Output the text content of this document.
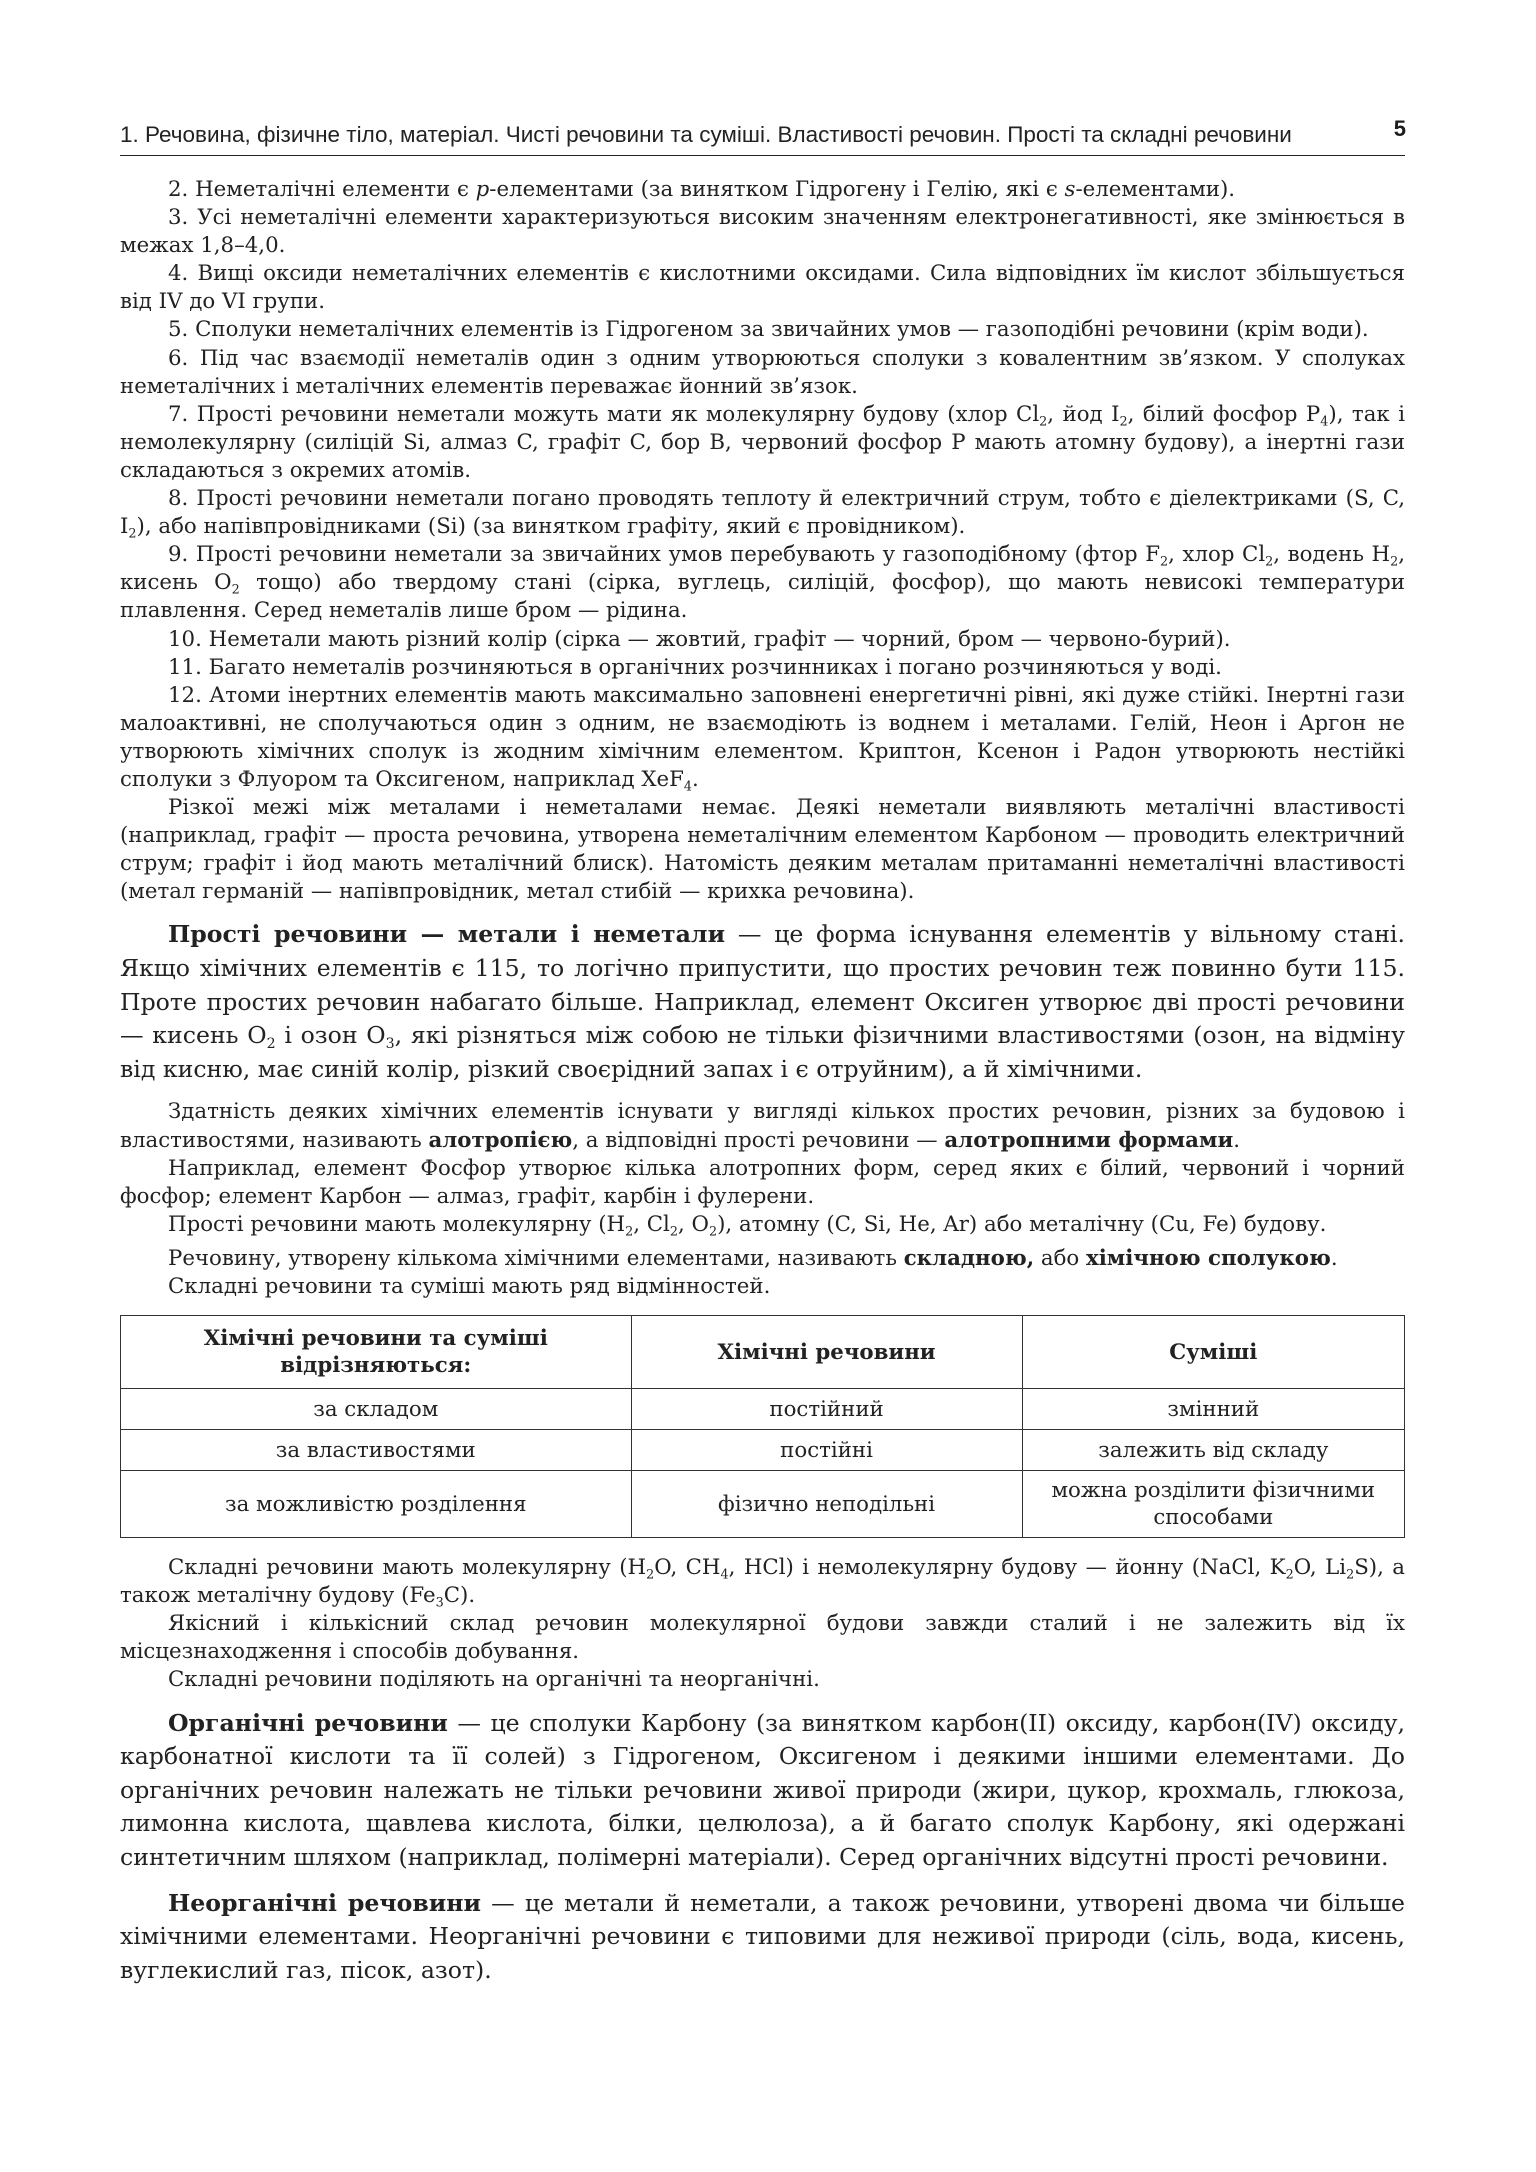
1. Речовина, фізичне тіло, матеріал. Чисті речовини та суміші. Властивості речовин. Прості та складні речовини	5

2. Неметалічні елементи є p-елементами (за винятком Гідрогену і Гелію, які є s-елементами).

3. Усі неметалічні елементи характеризуються високим значенням електронегативності, яке змінюється в межах 1,8–4,0.

4. Вищі оксиди неметалічних елементів є кислотними оксидами. Сила відповідних їм кислот збільшується від IV до VI групи.

5. Сполуки неметалічних елементів із Гідрогеном за звичайних умов — газоподібні речовини (крім води).

6. Під час взаємодії неметалів один з одним утворюються сполуки з ковалентним зв’язком. У сполуках неметалічних і металічних елементів переважає йонний зв’язок.

7. Прості речовини неметали можуть мати як молекулярну будову (хлор $Cl_2$, йод $I_2$, білий фосфор $P_4$), так і немолекулярну (силіцій Si, алмаз C, графіт C, бор B, червоний фосфор P мають атомну будову), а інертні гази складаються з окремих атомів.

8. Прості речовини неметали погано проводять теплоту й електричний струм, тобто є діелектриками (S, C, $I_2$), або напівпровідниками (Si) (за винятком графіту, який є провідником).

9. Прості речовини неметали за звичайних умов перебувають у газоподібному (фтор $F_2$, хлор $Cl_2$, водень $H_2$, кисень $O_2$ тощо) або твердому стані (сірка, вуглець, силіцій, фосфор), що мають невисокі температури плавлення. Серед неметалів лише бром — рідина.

10. Неметали мають різний колір (сірка — жовтий, графіт — чорний, бром — червоно-бурий).

11. Багато неметалів розчиняються в органічних розчинниках і погано розчиняються у воді.

12. Атоми інертних елементів мають максимально заповнені енергетичні рівні, які дуже стійкі. Інертні гази малоактивні, не сполучаються один з одним, не взаємодіють із воднем і металами. Гелій, Неон і Аргон не утворюють хімічних сполук із жодним хімічним елементом. Криптон, Ксенон і Радон утворюють нестійкі сполуки з Флуором та Оксигеном, наприклад XeF$_4$.

Різкої межі між металами і неметалами немає. Деякі неметали виявляють металічні властивості (наприклад, графіт — проста речовина, утворена неметалічним елементом Карбоном — проводить електричний струм; графіт і йод мають металічний блиск). Натомість деяким металам притаманні неметалічні властивості (метал германій — напівпровідник, метал стибій — крихка речовина).

Прості речовини — метали і неметали — це форма існування елементів у вільному стані. Якщо хімічних елементів є 115, то логічно припустити, що простих речовин теж повинно бути 115. Проте простих речовин набагато більше. Наприклад, елемент Оксиген утворює дві прості речовини — кисень $O_2$ і озон $O_3$, які різняться між собою не тільки фізичними властивостями (озон, на відміну від кисню, має синій колір, різкий своєрідний запах і є отруйним), а й хімічними.

Здатність деяких хімічних елементів існувати у вигляді кількох простих речовин, різних за будовою і властивостями, називають алотропією, а відповідні прості речовини — алотропними формами.

Наприклад, елемент Фосфор утворює кілька алотропних форм, серед яких є білий, червоний і чорний фосфор; елемент Карбон — алмаз, графіт, карбін і фулерени.

Прості речовини мають молекулярну ($H_2$, $Cl_2$, $O_2$), атомну (C, Si, He, Ar) або металічну (Cu, Fe) будову.

Речовину, утворену кількома хімічними елементами, називають складною, або хімічною сполукою.

Складні речовини та суміші мають ряд відмінностей.

Хімічні речовини та суміші відрізняються:	Хімічні речовини	Суміші
за складом	постійний	змінний
за властивостями	постійні	залежить від складу
за можливістю розділення	фізично неподільні	можна розділити фізичними способами

Складні речовини мають молекулярну ($H_2O$, $CH_4$, HCl) і немолекулярну будову — йонну (NaCl, $K_2O$, $Li_2S$), а також металічну будову $(Fe_3C)$.

Якісний і кількісний склад речовин молекулярної будови завжди сталий і не залежить від їх місцезнаходження і способів добування.

Складні речовини поділяють на органічні та неорганічні.

Органічні речовини — це сполуки Карбону (за винятком карбон(II) оксиду, карбон(IV) оксиду, карбонатної кислоти та її солей) з Гідрогеном, Оксигеном і деякими іншими елементами. До органічних речовин належать не тільки речовини живої природи (жири, цукор, крохмаль, глюкоза, лимонна кислота, щавлева кислота, білки, целюлоза), а й багато сполук Карбону, які одержані синтетичним шляхом (наприклад, полімерні матеріали). Серед органічних відсутні прості речовини.

Неорганічні речовини — це метали й неметали, а також речовини, утворені двома чи більше хімічними елементами. Неорганічні речовини є типовими для неживої природи (сіль, вода, кисень, вуглекислий газ, пісок, азот).
